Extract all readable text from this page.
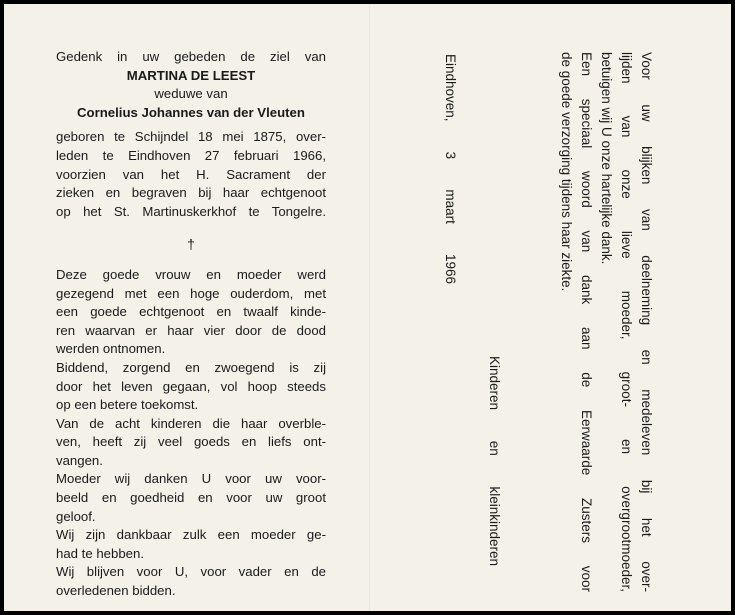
Gedenk in uw gebeden de ziel van
MARTINA DE LEEST
weduwe van
Cornelius Johannes van der Vleuten
geboren te Schijndel 18 mei 1875, over-
leden te Eindhoven 27 februari 1966,
voorzien van het H. Sacrament der
zieken en begraven bij haar echtgenoot
op het St. Martinuskerkhof te Tongelre.
†
Deze goede vrouw en moeder werd
gezegend met een hoge ouderdom, met
een goede echtgenoot en twaalf kinde-
ren waarvan er haar vier door de dood
werden ontnomen.
Biddend, zorgend en zwoegend is zij
door het leven gegaan, vol hoop steeds
op een betere toekomst.
Van de acht kinderen die haar overble-
ven, heeft zij veel goeds en liefs ont-
vangen.
Moeder wij danken U voor uw voor-
beeld en goedheid en voor uw groot
geloof.
Wij zijn dankbaar zulk een moeder ge-
had te hebben.
Wij blijven voor U, voor vader en de
overledenen bidden.	Voor uw blijken van deelneming en medeleven bij het over-
lijden van onze lieve moeder, groot- en overgrootmoeder,
betuigen wij U onze hartelijke dank.
Een speciaal woord van dank aan de Eerwaarde Zusters voor
de goede verzorging tijdens haar ziekte.
Kinderen en kleinkinderen
Eindhoven, 3 maart 1966
